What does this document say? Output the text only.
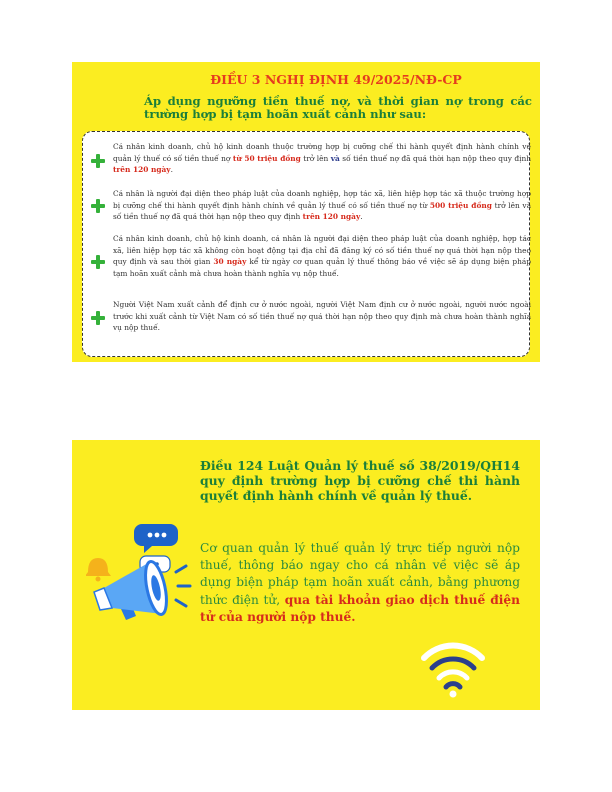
ĐIỀU 3 NGHỊ ĐỊNH 49/2025/NĐ-CP
Áp dụng ngưỡng tiền thuế nợ, và thời gian nợ trong các trường hợp bị tạm hoãn xuất cảnh như sau:
Cá nhân kinh doanh, chủ hộ kinh doanh thuộc trường hợp bị cưỡng chế thi hành quyết định hành chính về quản lý thuế có số tiền thuế nợ từ 50 triệu đồng trở lên và số tiền thuế nợ đã quá thời hạn nộp theo quy định trên 120 ngày.
Cá nhân là người đại diện theo pháp luật của doanh nghiệp, hợp tác xã, liên hiệp hợp tác xã thuộc trường hợp bị cưỡng chế thi hành quyết định hành chính về quản lý thuế có số tiền thuế nợ từ 500 triệu đồng trở lên và số tiền thuế nợ đã quá thời hạn nộp theo quy định trên 120 ngày.
Cá nhân kinh doanh, chủ hộ kinh doanh, cá nhân là người đại diện theo pháp luật của doanh nghiệp, hợp tác xã, liên hiệp hợp tác xã không còn hoạt động tại địa chỉ đã đăng ký có số tiền thuế nợ quá thời hạn nộp theo quy định và sau thời gian 30 ngày kể từ ngày cơ quan quản lý thuế thông báo về việc sẽ áp dụng biện pháp tạm hoãn xuất cảnh mà chưa hoàn thành nghĩa vụ nộp thuế.
Người Việt Nam xuất cảnh để định cư ở nước ngoài, người Việt Nam định cư ở nước ngoài, người nước ngoài trước khi xuất cảnh từ Việt Nam có số tiền thuế nợ quá thời hạn nộp theo quy định mà chưa hoàn thành nghĩa vụ nộp thuế.
Điều 124 Luật Quản lý thuế số 38/2019/QH14 quy định trường hợp bị cưỡng chế thi hành quyết định hành chính về quản lý thuế.
Cơ quan quản lý thuế quản lý trực tiếp người nộp thuế, thông báo ngay cho cá nhân về việc sẽ áp dụng biện pháp tạm hoãn xuất cảnh, bằng phương thức điện tử, qua tài khoản giao dịch thuế điện tử của người nộp thuế.
